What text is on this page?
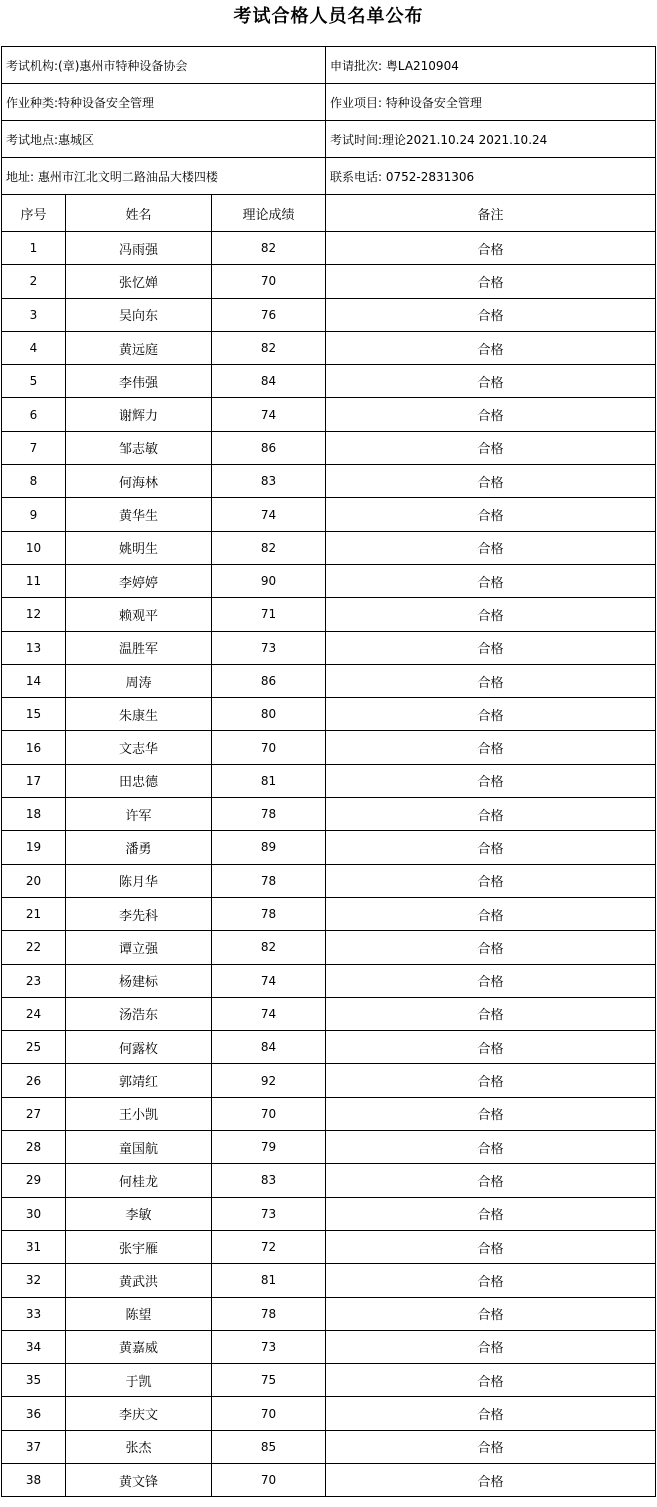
考试合格人员名单公布
考试机构:(章)惠州市特种设备协会			申请批次: 粤LA210904
作业种类:特种设备安全管理			作业项目: 特种设备安全管理
考试地点:惠城区			考试时间:理论2021.10.24 2021.10.24
地址: 惠州市江北文明二路油品大楼四楼			联系电话: 0752-2831306
序号	姓名	理论成绩	备注
1	冯雨强	82	合格
2	张忆婵	70	合格
3	吴向东	76	合格
4	黄远庭	82	合格
5	李伟强	84	合格
6	谢辉力	74	合格
7	邹志敏	86	合格
8	何海林	83	合格
9	黄华生	74	合格
10	姚明生	82	合格
11	李婷婷	90	合格
12	赖观平	71	合格
13	温胜军	73	合格
14	周涛	86	合格
15	朱康生	80	合格
16	文志华	70	合格
17	田忠德	81	合格
18	许军	78	合格
19	潘勇	89	合格
20	陈月华	78	合格
21	李先科	78	合格
22	谭立强	82	合格
23	杨建标	74	合格
24	汤浩东	74	合格
25	何露枚	84	合格
26	郭靖红	92	合格
27	王小凯	70	合格
28	童国航	79	合格
29	何桂龙	83	合格
30	李敏	73	合格
31	张宇雁	72	合格
32	黄武洪	81	合格
33	陈望	78	合格
34	黄嘉威	73	合格
35	于凯	75	合格
36	李庆文	70	合格
37	张杰	85	合格
38	黄文锋	70	合格
